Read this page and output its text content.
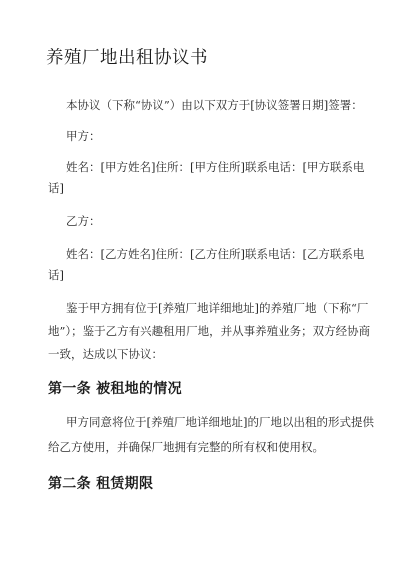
养殖厂地出租协议书

本协议（下称“协议”）由以下双方于[协议签署日期]签署：

甲方：

姓名：[甲方姓名]住所：[甲方住所]联系电话：[甲方联系电

话]

乙方：

姓名：[乙方姓名]住所：[乙方住所]联系电话：[乙方联系电

话]

鉴于甲方拥有位于[养殖厂地详细地址]的养殖厂地（下称“厂

地”）；鉴于乙方有兴趣租用厂地，并从事养殖业务；双方经协商

一致，达成以下协议：

第一条 被租地的情况

甲方同意将位于[养殖厂地详细地址]的厂地以出租的形式提供

给乙方使用，并确保厂地拥有完整的所有权和使用权。

第二条 租赁期限
